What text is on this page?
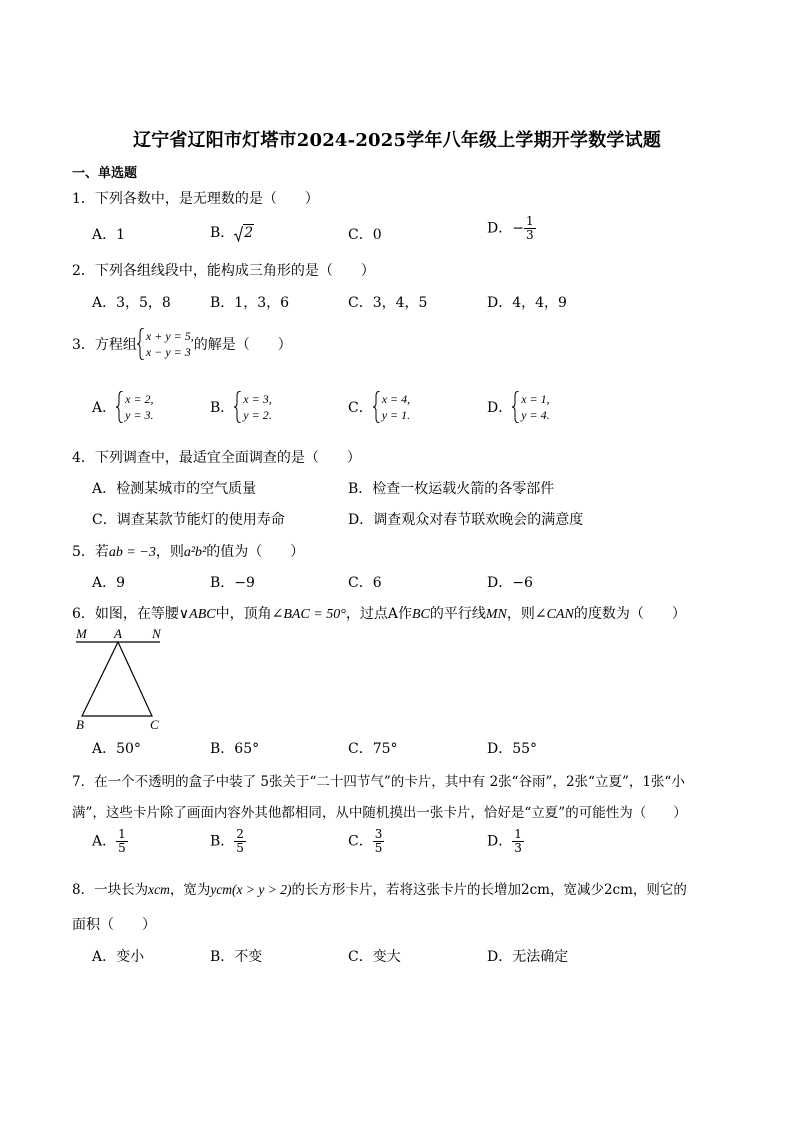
辽宁省辽阳市灯塔市2024-2025学年八年级上学期开学数学试题
一、单选题
1．下列各数中，是无理数的是（　　）
A．1	B． 2	C．0	D．− $\frac{1}{3}$
2．下列各组线段中，能构成三角形的是（　　）
A．3，5，8	B．1，3，6	C．3，4，5	D．4，4，9
3．方程组
x + y = 5,
x − y = 3 的解是（　　）
A．
x = 2,
y = 3.	B．
x = 3,
y = 2.	C．
x = 4,
y = 1.	D．
x = 1,
y = 4.
4．下列调查中，最适宜全面调查的是（　　）
A．检测某城市的空气质量	B．检查一枚运载火箭的各零部件
C．调查某款节能灯的使用寿命	D．调查观众对春节联欢晚会的满意度
5．若ab = −3，则a²b²的值为（　　）
A．9	B．−9	C．6	D．−6
6．如图，在等腰∨ABC中，顶角∠BAC = 50°，过点A作BC的平行线MN，则∠CAN的度数为（　　）
M A N
B	C
A．50°	B．65°	C．75°	D．55°
7．在一个不透明的盒子中装了 5张关于“二十四节气”的卡片，其中有 2张“谷雨”，2张“立夏”，1张“小
满”，这些卡片除了画面内容外其他都相同，从中随机摸出一张卡片，恰好是“立夏”的可能性为（　　）
A． $\frac{1}{5}$	B． $\frac{2}{5}$	C． $\frac{3}{5}$	D． $\frac{1}{3}$
8．一块长为xcm，宽为ycm(x > y > 2)的长方形卡片，若将这张卡片的长增加2cm，宽减少2cm，则它的
面积（　　）
A．变小	B．不变	C．变大	D．无法确定
